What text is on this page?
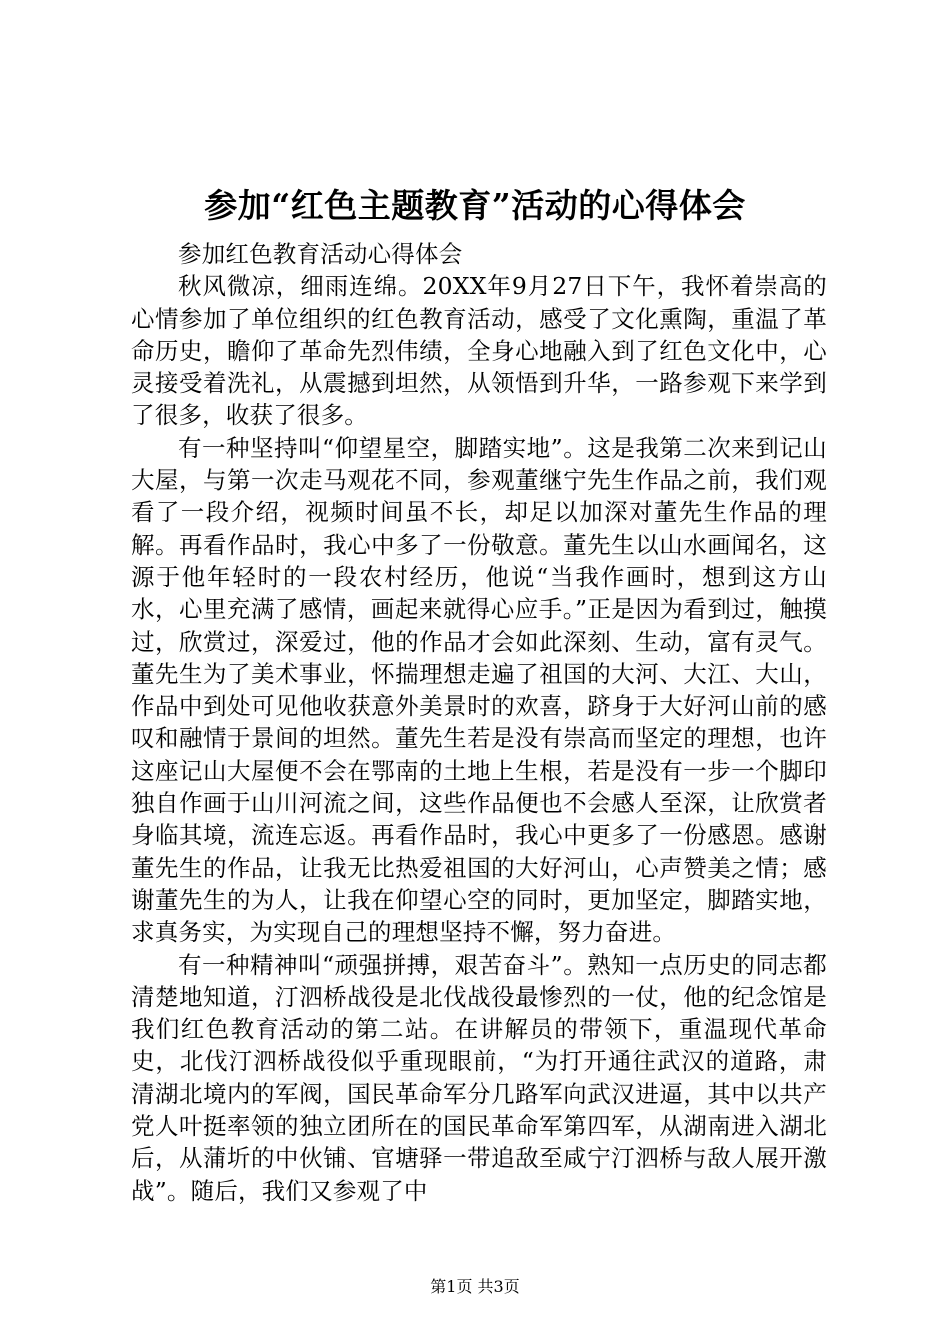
参加“红色主题教育”活动的心得体会

参加红色教育活动心得体会

秋风微凉，细雨连绵。20XX年9月27日下午，我怀着崇高的心情参加了单位组织的红色教育活动，感受了文化熏陶，重温了革命历史，瞻仰了革命先烈伟绩，全身心地融入到了红色文化中，心灵接受着洗礼，从震撼到坦然，从领悟到升华，一路参观下来学到了很多，收获了很多。

有一种坚持叫“仰望星空，脚踏实地”。这是我第二次来到记山大屋，与第一次走马观花不同，参观董继宁先生作品之前，我们观看了一段介绍，视频时间虽不长，却足以加深对董先生作品的理解。再看作品时，我心中多了一份敬意。董先生以山水画闻名，这源于他年轻时的一段农村经历，他说“当我作画时，想到这方山水，心里充满了感情，画起来就得心应手。”正是因为看到过，触摸过，欣赏过，深爱过，他的作品才会如此深刻、生动，富有灵气。董先生为了美术事业，怀揣理想走遍了祖国的大河、大江、大山，作品中到处可见他收获意外美景时的欢喜，跻身于大好河山前的感叹和融情于景间的坦然。董先生若是没有崇高而坚定的理想，也许这座记山大屋便不会在鄂南的土地上生根，若是没有一步一个脚印独自作画于山川河流之间，这些作品便也不会感人至深，让欣赏者身临其境，流连忘返。再看作品时，我心中更多了一份感恩。感谢董先生的作品，让我无比热爱祖国的大好河山，心声赞美之情；感谢董先生的为人，让我在仰望心空的同时，更加坚定，脚踏实地，求真务实，为实现自己的理想坚持不懈，努力奋进。

有一种精神叫“顽强拼搏，艰苦奋斗”。熟知一点历史的同志都清楚地知道，汀泗桥战役是北伐战役最惨烈的一仗，他的纪念馆是我们红色教育活动的第二站。在讲解员的带领下，重温现代革命史，北伐汀泗桥战役似乎重现眼前，“为打开通往武汉的道路，肃清湖北境内的军阀，国民革命军分几路军向武汉进逼，其中以共产党人叶挺率领的独立团所在的国民革命军第四军，从湖南进入湖北后，从蒲圻的中伙铺、官塘驿一带追敌至咸宁汀泗桥与敌人展开激战”。随后，我们又参观了中

第1页 共3页
